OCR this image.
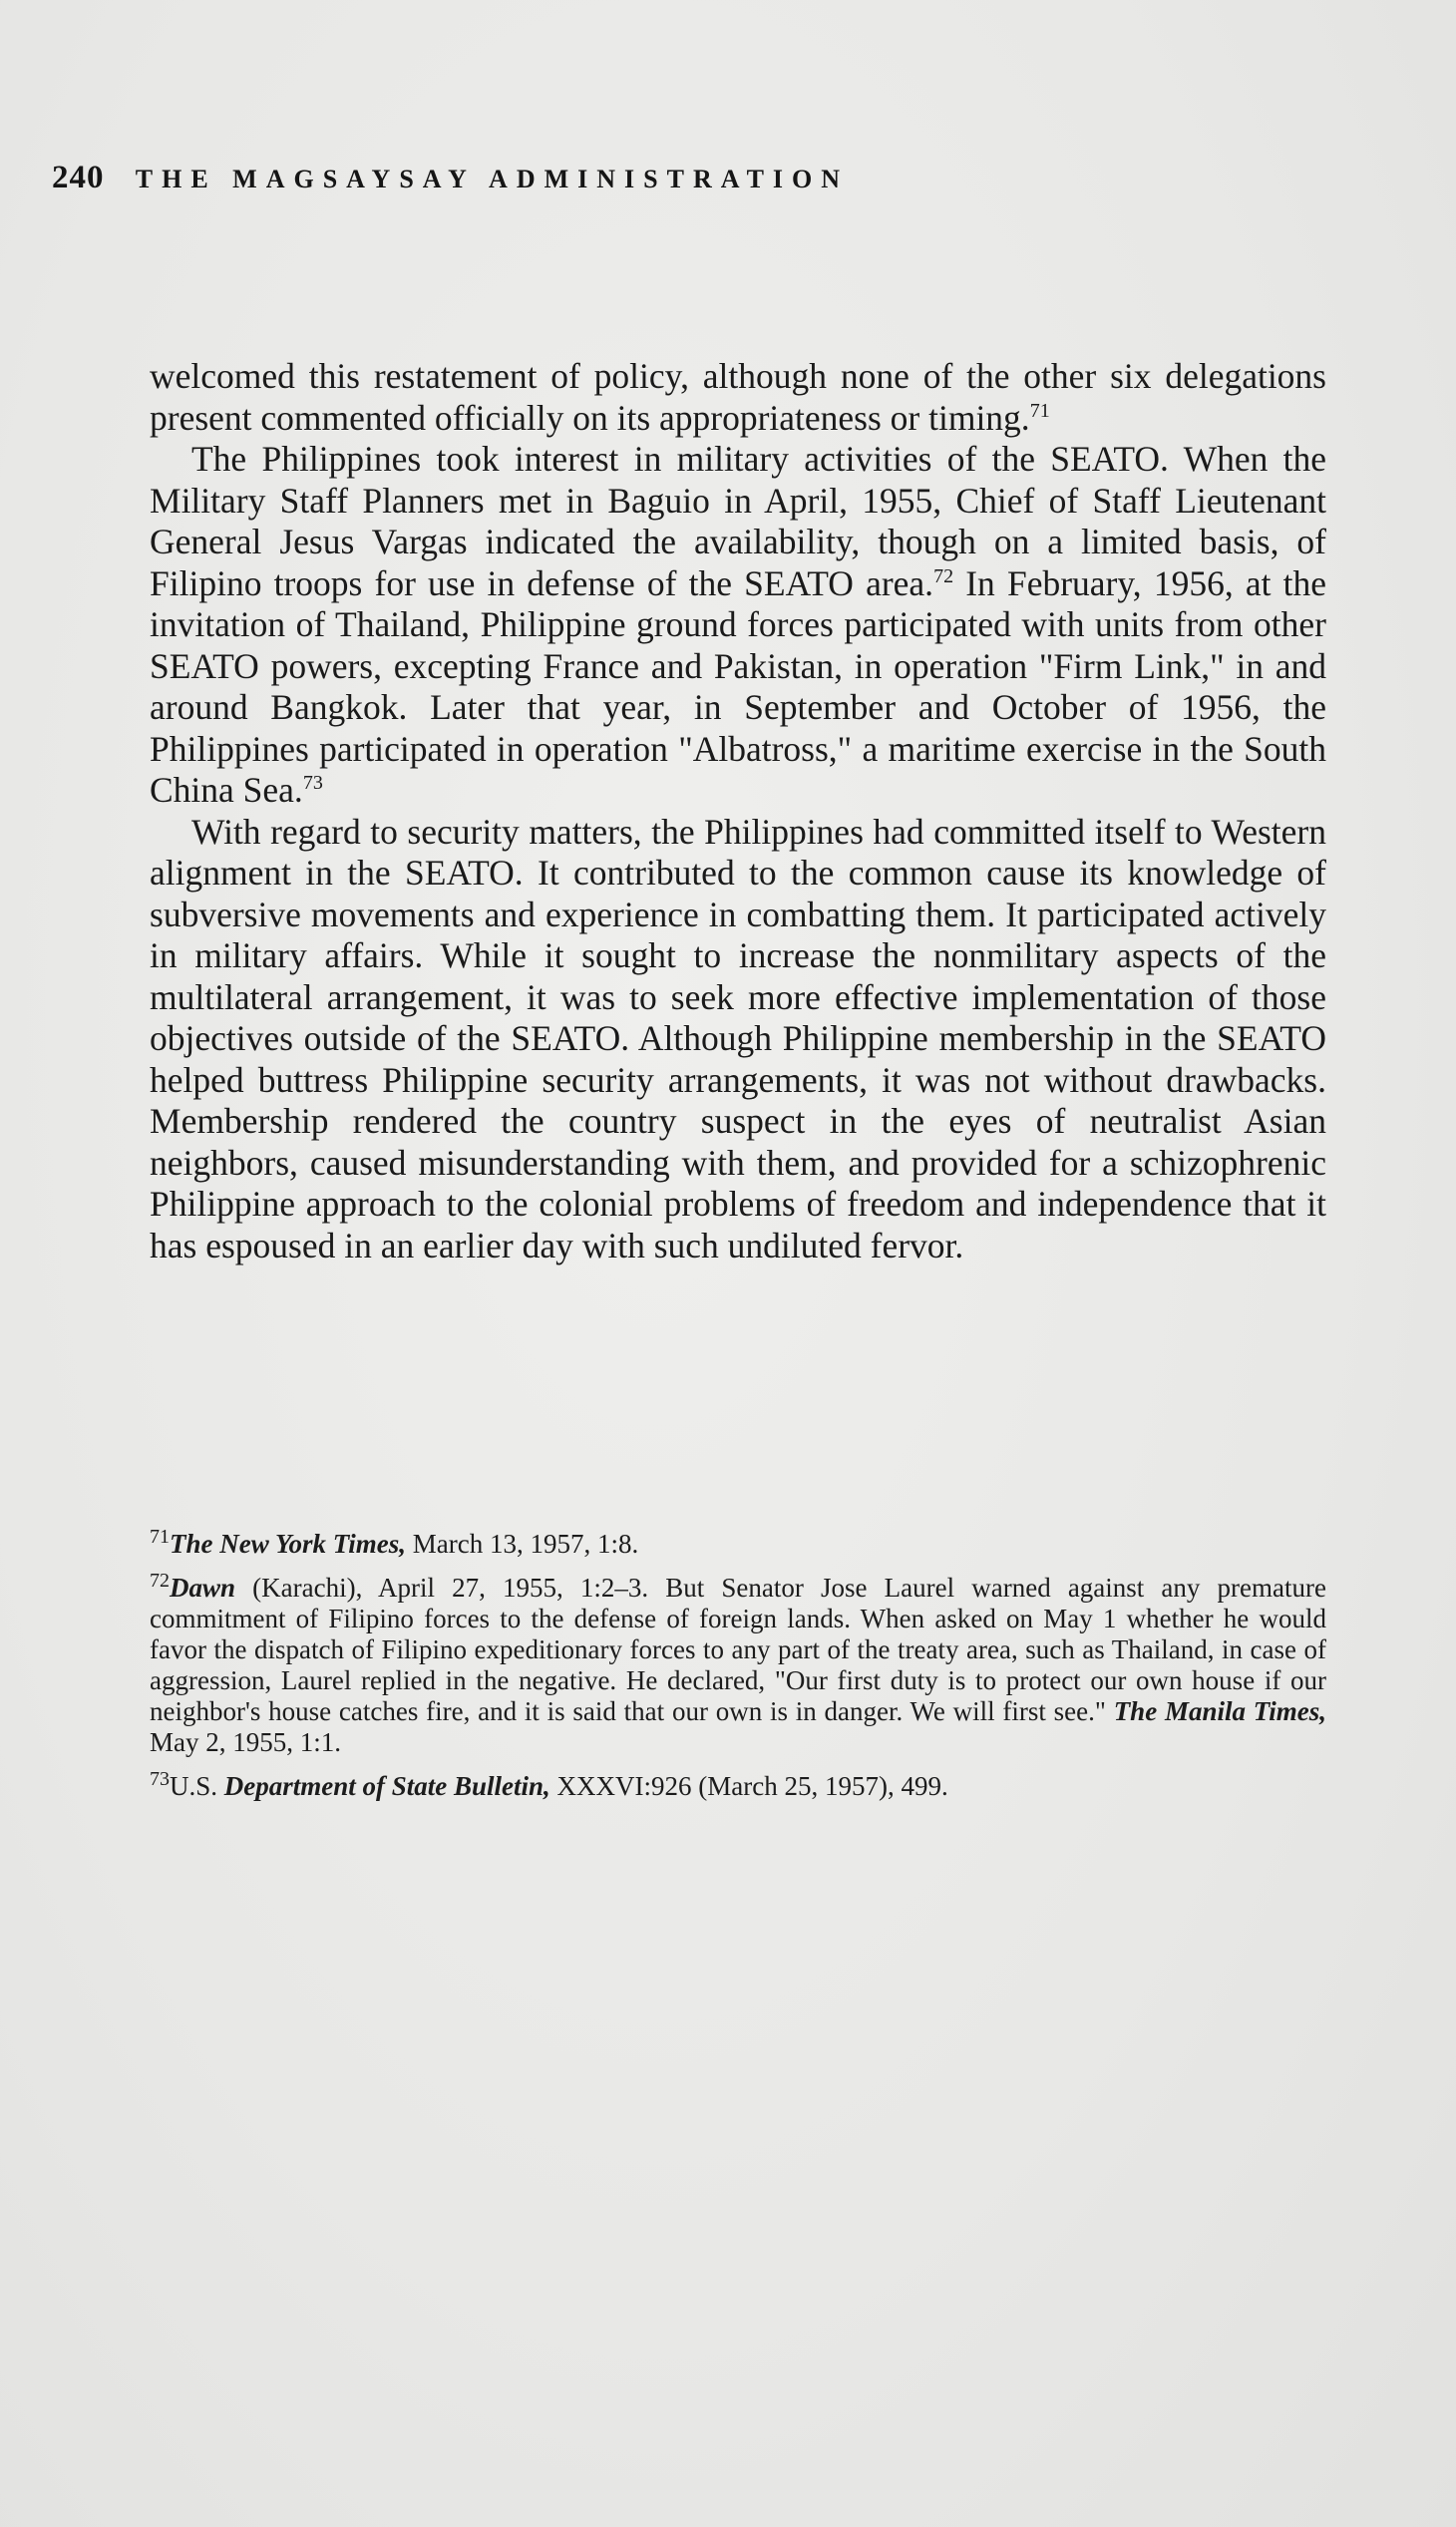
240 THE MAGSAYSAY ADMINISTRATION

welcomed this restatement of policy, although none of the other six delegations present commented officially on its appropriateness or timing.$^{71}$

The Philippines took interest in military activities of the SEATO. When the Military Staff Planners met in Baguio in April, 1955, Chief of Staff Lieutenant General Jesus Vargas indicated the availability, though on a limited basis, of Filipino troops for use in defense of the SEATO area.$^{72}$ In February, 1956, at the invitation of Thailand, Philippine ground forces participated with units from other SEATO powers, excepting France and Pakistan, in operation "Firm Link," in and around Bangkok. Later that year, in September and October of 1956, the Philippines participated in operation "Albatross," a maritime exercise in the South China Sea.$^{73}$

With regard to security matters, the Philippines had committed itself to Western alignment in the SEATO. It contributed to the common cause its knowledge of subversive movements and experience in combatting them. It participated actively in military affairs. While it sought to increase the nonmilitary aspects of the multilateral arrangement, it was to seek more effective implementation of those objectives outside of the SEATO. Although Philippine membership in the SEATO helped buttress Philippine security arrangements, it was not without drawbacks. Membership rendered the country suspect in the eyes of neutralist Asian neighbors, caused misunderstanding with them, and provided for a schizophrenic Philippine approach to the colonial problems of freedom and independence that it has espoused in an earlier day with such undiluted fervor.

$^{71}$The New York Times, March 13, 1957, 1:8.
$^{72}$Dawn (Karachi), April 27, 1955, 1:2–3. But Senator Jose Laurel warned against any premature commitment of Filipino forces to the defense of foreign lands. When asked on May 1 whether he would favor the dispatch of Filipino expeditionary forces to any part of the treaty area, such as Thailand, in case of aggression, Laurel replied in the negative. He declared, "Our first duty is to protect our own house if our neighbor's house catches fire, and it is said that our own is in danger. We will first see." The Manila Times, May 2, 1955, 1:1.
$^{73}$U.S. Department of State Bulletin, XXXVI:926 (March 25, 1957), 499.
